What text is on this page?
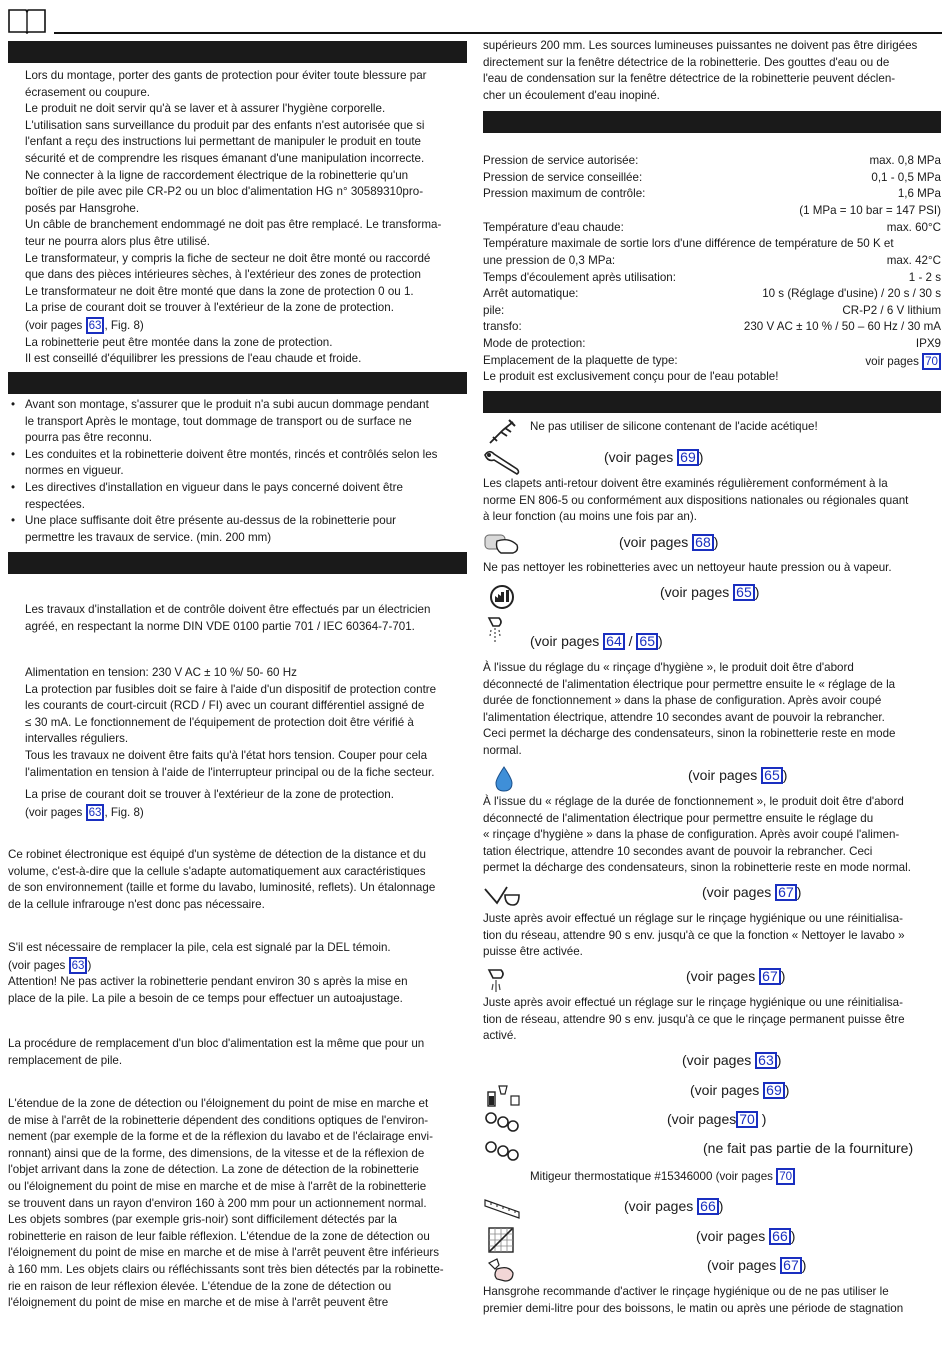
Lors du montage, porter des gants de protection pour éviter toute blessure par
écrasement ou coupure.
Le produit ne doit servir qu'à se laver et à assurer l'hygiène corporelle.
L'utilisation sans surveillance du produit par des enfants n'est autorisée que si
l'enfant a reçu des instructions lui permettant de manipuler le produit en toute
sécurité et de comprendre les risques émanant d'une manipulation incorrecte.
Ne connecter à la ligne de raccordement électrique de la robinetterie qu'un
boîtier de pile avec pile CR-P2 ou un bloc d'alimentation HG n° 30589310pro-
posés par Hansgrohe.
Un câble de branchement endommagé ne doit pas être remplacé. Le transforma-
teur ne pourra alors plus être utilisé.
Le transformateur, y compris la fiche de secteur ne doit être monté ou raccordé
que dans des pièces intérieures sèches, à l'extérieur des zones de protection
Le transformateur ne doit être monté que dans la zone de protection 0 ou 1.
La prise de courant doit se trouver à l'extérieur de la zone de protection.
(voir pages 63 , Fig. 8)
La robinetterie peut être montée dans la zone de protection.
Il est conseillé d'équilibrer les pressions de l'eau chaude et froide.
• Avant son montage, s'assurer que le produit n'a subi aucun dommage pendant
le transport Après le montage, tout dommage de transport ou de surface ne
pourra pas être reconnu.
• Les conduites et la robinetterie doivent être montés, rincés et contrôlés selon les
normes en vigueur.
• Les directives d'installation en vigueur dans le pays concerné doivent être
respectées.
• Une place suffisante doit être présente au-dessus de la robinetterie pour
permettre les travaux de service. (min. 200 mm)
Les travaux d'installation et de contrôle doivent être effectués par un électricien
agréé, en respectant la norme DIN VDE 0100 partie 701 / IEC 60364-7-701.
Alimentation en tension: 230 V AC ± 10 %/ 50- 60 Hz
La protection par fusibles doit se faire à l'aide d'un dispositif de protection contre
les courants de court-circuit (RCD / FI) avec un courant différentiel assigné de
≤ 30 mA. Le fonctionnement de l'équipement de protection doit être vérifié à
intervalles réguliers.
Tous les travaux ne doivent être faits qu'à l'état hors tension. Couper pour cela
l'alimentation en tension à l'aide de l'interrupteur principal ou de la fiche secteur.
La prise de courant doit se trouver à l'extérieur de la zone de protection.
(voir pages 63 , Fig. 8)
Ce robinet électronique est équipé d'un système de détection de la distance et du
volume, c'est-à-dire que la cellule s'adapte automatiquement aux caractéristiques
de son environnement (taille et forme du lavabo, luminosité, reflets). Un étalonnage
de la cellule infrarouge n'est donc pas nécessaire.
S'il est nécessaire de remplacer la pile, cela est signalé par la DEL témoin.
(voir pages 63 )
Attention! Ne pas activer la robinetterie pendant environ 30 s après la mise en
place de la pile. La pile a besoin de ce temps pour effectuer un autoajustage.
La procédure de remplacement d'un bloc d'alimentation est la même que pour un
remplacement de pile.
L'étendue de la zone de détection ou l'éloignement du point de mise en marche et
de mise à l'arrêt de la robinetterie dépendent des conditions optiques de l'environ-
nement (par exemple de la forme et de la réflexion du lavabo et de l'éclairage envi-
ronnant) ainsi que de la forme, des dimensions, de la vitesse et de la réflexion de
l'objet arrivant dans la zone de détection. La zone de détection de la robinetterie
ou l'éloignement du point de mise en marche et de mise à l'arrêt de la robinetterie
se trouvent dans un rayon d'environ 160 à 200 mm pour un actionnement normal.
Les objets sombres (par exemple gris-noir) sont difficilement détectés par la
robinetterie en raison de leur faible réflexion. L'étendue de la zone de détection ou
l'éloignement du point de mise en marche et de mise à l'arrêt peuvent être inférieurs
à 160 mm. Les objets clairs ou réfléchissants sont très bien détectés par la robinette-
rie en raison de leur réflexion élevée. L'étendue de la zone de détection ou
l'éloignement du point de mise en marche et de mise à l'arrêt peuvent être
supérieurs 200 mm. Les sources lumineuses puissantes ne doivent pas être dirigées
directement sur la fenêtre détectrice de la robinetterie. Des gouttes d'eau ou de
l'eau de condensation sur la fenêtre détectrice de la robinetterie peuvent déclen-
cher un écoulement d'eau inopiné.
Pression de service autorisée:	max. 0,8 MPa
Pression de service conseillée:	0,1 - 0,5 MPa
Pression maximum de contrôle:	1,6 MPa
(1 MPa = 10 bar = 147 PSI)
Température d'eau chaude:	max. 60°C
Température maximale de sortie lors d'une différence de température de 50 K et
une pression de 0,3 MPa:	max. 42°C
Temps d'écoulement après utilisation:	1 - 2 s
Arrêt automatique:	10 s (Réglage d'usine) / 20 s / 30 s
pile:	CR-P2 / 6 V lithium
transfo:	230 V AC ± 10 % / 50 – 60 Hz / 30 mA
Mode de protection:	IPX9
Emplacement de la plaquette de type:	voir pages 70
Le produit est exclusivement conçu pour de l'eau potable!
Ne pas utiliser de silicone contenant de l'acide acétique!
(voir pages 69 )
Les clapets anti-retour doivent être examinés régulièrement conformément à la
norme EN 806-5 ou conformément aux dispositions nationales ou régionales quant
à leur fonction (au moins une fois par an).
(voir pages 68 )
Ne pas nettoyer les robinetteries avec un nettoyeur haute pression ou à vapeur.
(voir pages 65 )
(voir pages 64 / 65 )
À l'issue du réglage du « rinçage d'hygiène », le produit doit être d'abord
déconnecté de l'alimentation électrique pour permettre ensuite le « réglage de la
durée de fonctionnement » dans la phase de configuration. Après avoir coupé
l'alimentation électrique, attendre 10 secondes avant de pouvoir la rebrancher.
Ceci permet la décharge des condensateurs, sinon la robinetterie reste en mode
normal.
(voir pages 65 )
À l'issue du « réglage de la durée de fonctionnement », le produit doit être d'abord
déconnecté de l'alimentation électrique pour permettre ensuite le réglage du
« rinçage d'hygiène » dans la phase de configuration. Après avoir coupé l'alimen-
tation électrique, attendre 10 secondes avant de pouvoir la rebrancher. Ceci
permet la décharge des condensateurs, sinon la robinetterie reste en mode normal.
(voir pages 67 )
Juste après avoir effectué un réglage sur le rinçage hygiénique ou une réinitialisa-
tion du réseau, attendre 90 s env. jusqu'à ce que la fonction « Nettoyer le lavabo »
puisse être activée.
(voir pages 67 )
Juste après avoir effectué un réglage sur le rinçage hygiénique ou une réinitialisa-
tion de réseau, attendre 90 s env. jusqu'à ce que le rinçage permanent puisse être
activé.
(voir pages 63 )
(voir pages 69 )
(voir pages 70 )
(ne fait pas partie de la fourniture)
Mitigeur thermostatique #15346000 (voir pages 70
(voir pages 66 )
(voir pages 66 )
(voir pages 67 )
Hansgrohe recommande d'activer le rinçage hygiénique ou de ne pas utiliser le
premier demi-litre pour des boissons, le matin ou après une période de stagnation
